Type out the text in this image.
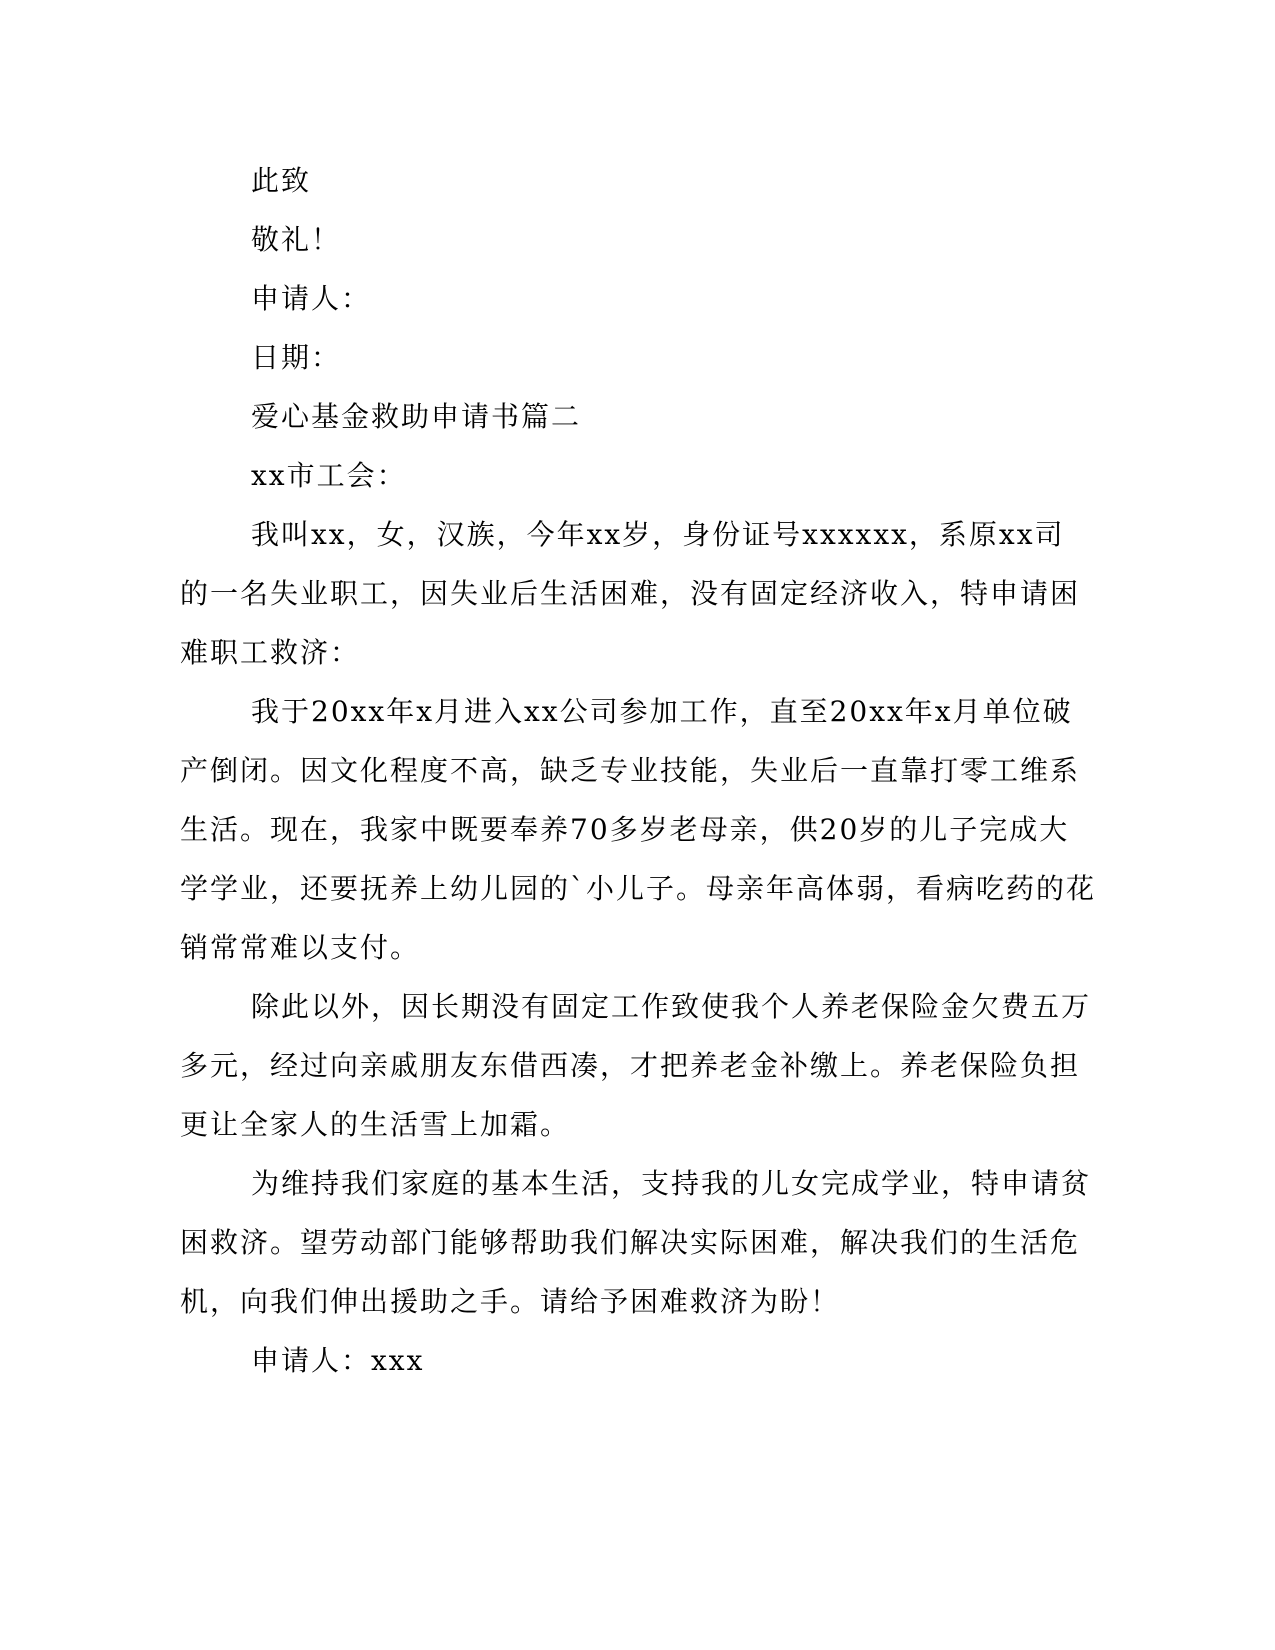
此致
敬礼！
申请人：
日期：
爱心基金救助申请书篇二
xx市工会：
我叫xx，女，汉族，今年xx岁，身份证号xxxxxx，系原xx司
的一名失业职工，因失业后生活困难，没有固定经济收入，特申请困
难职工救济：
我于20xx年x月进入xx公司参加工作，直至20xx年x月单位破
产倒闭。因文化程度不高，缺乏专业技能，失业后一直靠打零工维系
生活。现在，我家中既要奉养70多岁老母亲，供20岁的儿子完成大
学学业，还要抚养上幼儿园的`小儿子。母亲年高体弱，看病吃药的花
销常常难以支付。
除此以外，因长期没有固定工作致使我个人养老保险金欠费五万
多元，经过向亲戚朋友东借西凑，才把养老金补缴上。养老保险负担
更让全家人的生活雪上加霜。
为维持我们家庭的基本生活，支持我的儿女完成学业，特申请贫
困救济。望劳动部门能够帮助我们解决实际困难，解决我们的生活危
机，向我们伸出援助之手。请给予困难救济为盼！
申请人：xxx
